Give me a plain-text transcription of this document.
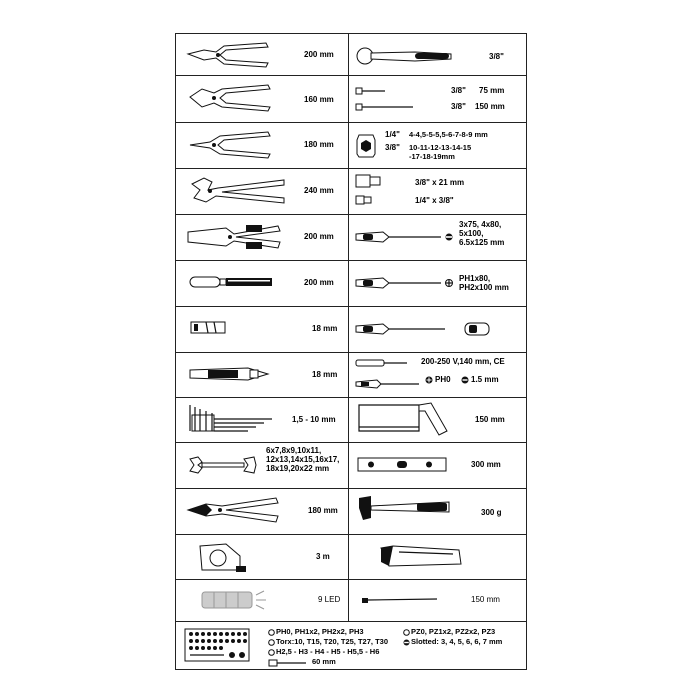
200 mm
160 mm
180 mm
240 mm
200 mm
200 mm
18 mm
18 mm
1,5 - 10 mm
6x7,8x9,10x11,
12x13,14x15,16x17,
18x19,20x22 mm
180 mm
3 m
9 LED
3/8"
3/8" 75 mm
3/8" 150 mm
1/4" 4-4,5-5-5,5-6-7-8-9 mm
3/8" 10-11-12-13-14-15
-17-18-19mm
3/8" x 21 mm
1/4" x 3/8"
3x75, 4x80,
5x100,
6.5x125 mm
PH1x80,
PH2x100 mm
200-250 V,140 mm, CE
PH0	1.5 mm
150 mm
300 mm
300 g
150 mm
PH0, PH1x2, PH2x2, PH3
Torx:10, T15, T20, T25, T27, T30
H2,5 - H3 - H4 - H5 - H5,5 - H6
60 mm
PZ0, PZ1x2, PZ2x2, PZ3
Slotted: 3, 4, 5, 6, 6, 7 mm
